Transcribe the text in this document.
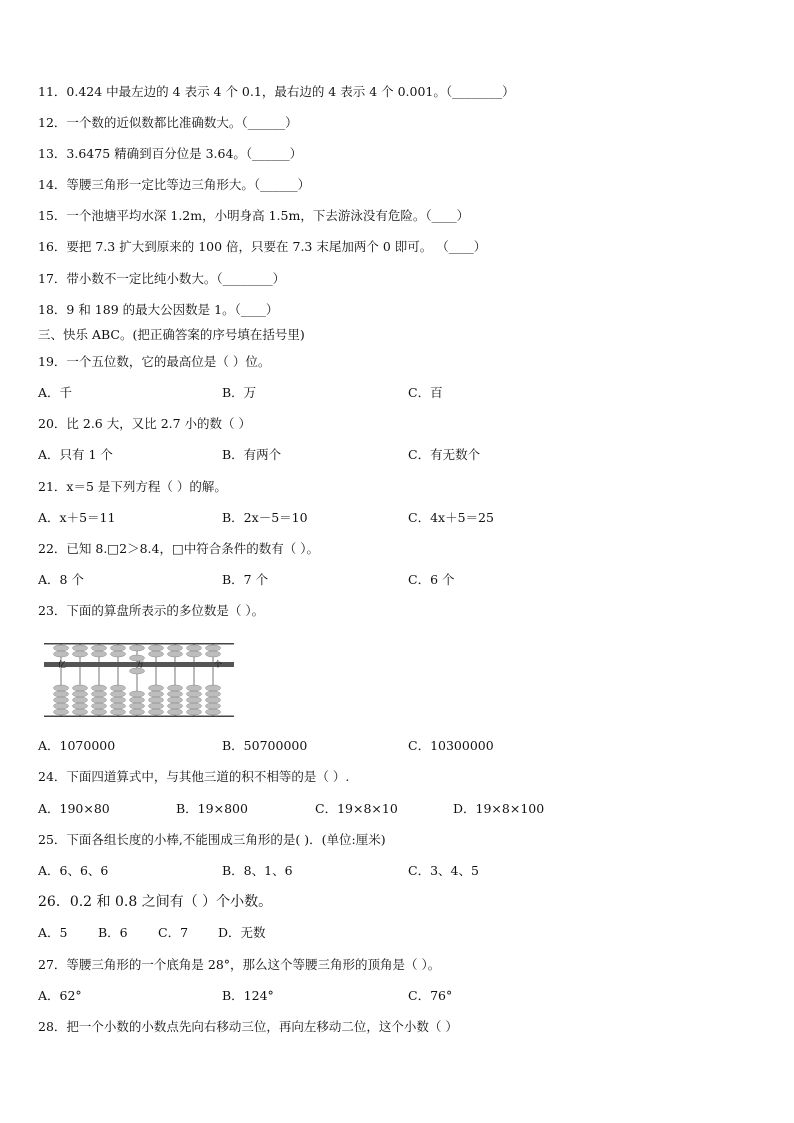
11．0.424 中最左边的 4 表示 4 个 0.1，最右边的 4 表示 4 个 0.001。（________）
12．一个数的近似数都比准确数大。（______）
13．3.6475 精确到百分位是 3.64。（______）
14．等腰三角形一定比等边三角形大。（______）
15．一个池塘平均水深 1.2m，小明身高 1.5m，下去游泳没有危险。（____）
16．要把 7.3 扩大到原来的 100 倍，只要在 7.3 末尾加两个 0 即可。 （____）
17．带小数不一定比纯小数大。（________）
18．9 和 189 的最大公因数是 1。（____）
三、快乐 ABC。(把正确答案的序号填在括号里)
19．一个五位数，它的最高位是（ ）位。
A．千	B．万	C．百
20．比 2.6 大，又比 2.7 小的数（ ）
A．只有 1 个	B．有两个	C．有无数个
21．x＝5 是下列方程（ ）的解。
A．x＋5＝11	B．2x－5＝10	C．4x＋5＝25
22．已知 8.□2＞8.4，□中符合条件的数有（ ）。
A．8 个	B．7 个	C．6 个
23．下面的算盘所表示的多位数是（ ）。
亿	万	个
A．1070000	B．50700000	C．10300000
24．下面四道算式中，与其他三道的积不相等的是（ ）.
A．190×80	B．19×800	C．19×8×10	D．19×8×100
25．下面各组长度的小棒,不能围成三角形的是( )．(单位:厘米)
A．6、6、6	B．8、1、6	C．3、4、5
26．0.2 和 0.8 之间有（ ）个小数。
A．5 B．6 C．7 D．无数
27．等腰三角形的一个底角是 28°，那么这个等腰三角形的顶角是（ ）。
A．62°	B．124°	C．76°
28．把一个小数的小数点先向右移动三位，再向左移动二位，这个小数（ ）
